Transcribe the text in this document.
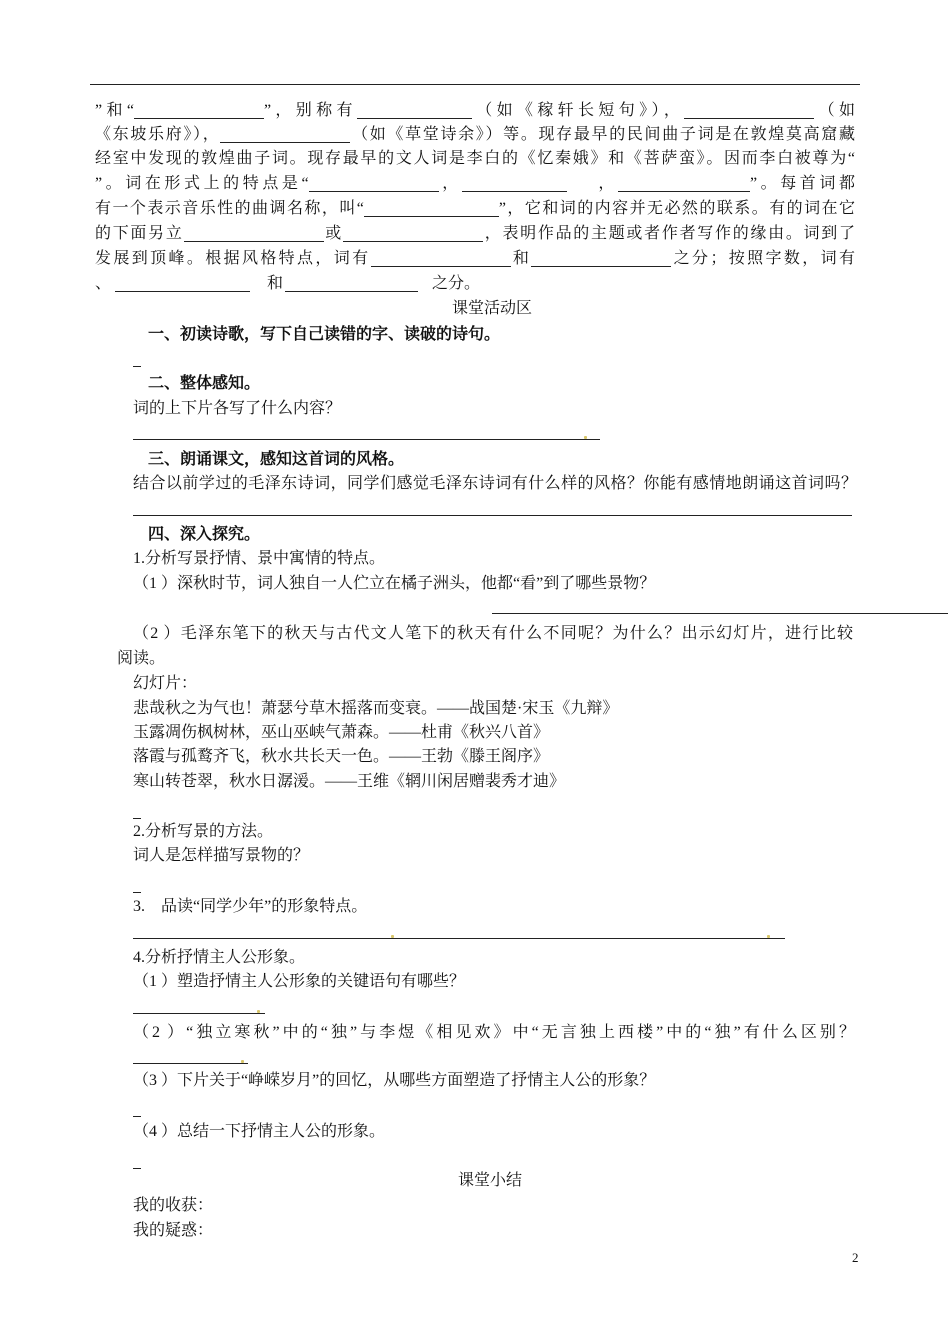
”和“	”，别称有	（如《稼轩长短句》），	（如
《东坡乐府》），	（如《草堂诗余》）等。现存最早的民间曲子词是在敦煌莫高窟藏
经室中发现的敦煌曲子词。现存最早的文人词是李白的《忆秦娥》和《菩萨蛮》。因而李白被尊为“
”。词在形式上的特点是“	，	，	”。每首词都
有一个表示音乐性的曲调名称，叫“	”，它和词的内容并无必然的联系。有的词在它
的下面另立	或	，表明作品的主题或者作者写作的缘由。词到了
发展到顶峰。根据风格特点，词有	和	之分；按照字数，词有
、	和	之分。
课堂活动区
一、初读诗歌，写下自己读错的字、读破的诗句。
二、整体感知。
词的上下片各写了什么内容？
三、朗诵课文，感知这首词的风格。
结合以前学过的毛泽东诗词，同学们感觉毛泽东诗词有什么样的风格？你能有感情地朗诵这首词吗？
四、深入探究。
1.分析写景抒情、景中寓情的特点。
（1 ）深秋时节，词人独自一人伫立在橘子洲头，他都“看”到了哪些景物？
（2 ）毛泽东笔下的秋天与古代文人笔下的秋天有什么不同呢？为什么？出示幻灯片，进行比较
阅读。
幻灯片：
悲哉秋之为气也！萧瑟兮草木摇落而变衰。——战国楚·宋玉《九辩》
玉露凋伤枫树林，巫山巫峡气萧森。——杜甫《秋兴八首》
落霞与孤鹜齐飞，秋水共长天一色。——王勃《滕王阁序》
寒山转苍翠，秋水日潺湲。——王维《辋川闲居赠裴秀才迪》
2.分析写景的方法。
词人是怎样描写景物的？
3.　品读“同学少年”的形象特点。
4.分析抒情主人公形象。
（1 ）塑造抒情主人公形象的关键语句有哪些？
（2 ）“独立寒秋”中的“独”与李煜《相见欢》中“无言独上西楼”中的“独”有什么区别？
（3 ）下片关于“峥嵘岁月”的回忆，从哪些方面塑造了抒情主人公的形象？
（4 ）总结一下抒情主人公的形象。
课堂小结
我的收获：
我的疑惑：
2
